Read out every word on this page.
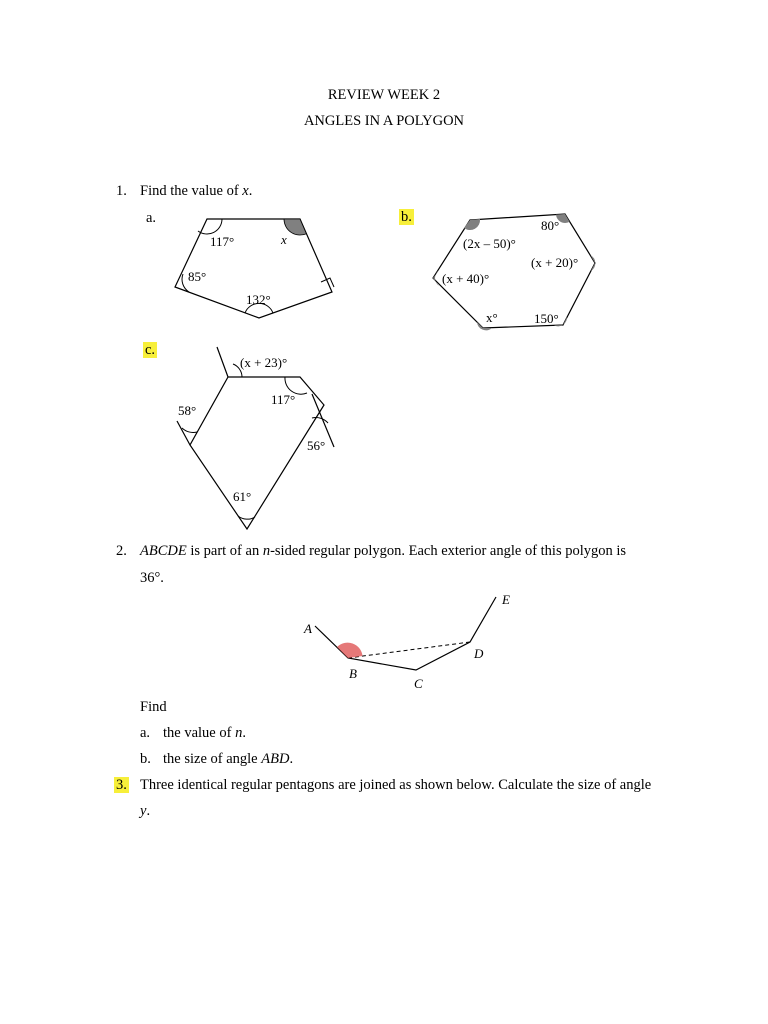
REVIEW WEEK 2
ANGLES IN A POLYGON
1. Find the value of x.
a.
117°	x
85°
132°
b.
80°
(2x – 50)°
(x + 20)°
(x + 40)°
x°	150°
c.
(x + 23)°
117°
58°
56°
61°
2. ABCDE is part of an n-sided regular polygon. Each exterior angle of this polygon is
36°.
A
B
C
D
E
Find
a. the value of n.
b. the size of angle ABD.
3. Three identical regular pentagons are joined as shown below. Calculate the size of angle
y.
